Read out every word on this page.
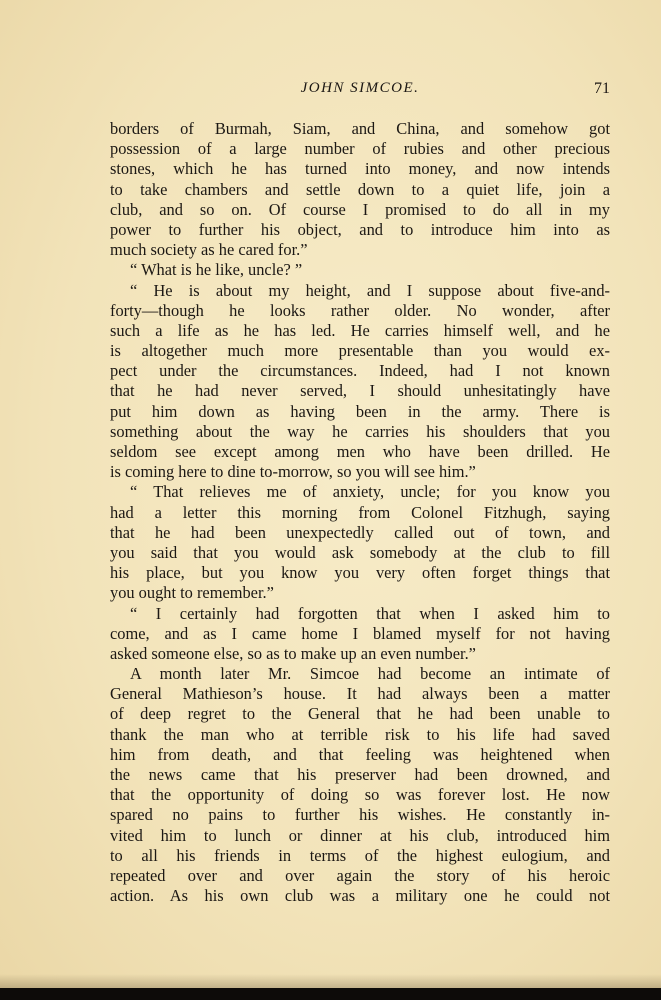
JOHN SIMCOE.	71
borders of Burmah, Siam, and China, and somehow got
possession of a large number of rubies and other precious
stones, which he has turned into money, and now intends
to take chambers and settle down to a quiet life, join a
club, and so on. Of course I promised to do all in my
power to further his object, and to introduce him into as
much society as he cared for.”
“ What is he like, uncle? ”
“ He is about my height, and I suppose about five-and-
forty—though he looks rather older. No wonder, after
such a life as he has led. He carries himself well, and he
is altogether much more presentable than you would ex-
pect under the circumstances. Indeed, had I not known
that he had never served, I should unhesitatingly have
put him down as having been in the army. There is
something about the way he carries his shoulders that you
seldom see except among men who have been drilled. He
is coming here to dine to-morrow, so you will see him.”
“ That relieves me of anxiety, uncle; for you know you
had a letter this morning from Colonel Fitzhugh, saying
that he had been unexpectedly called out of town, and
you said that you would ask somebody at the club to fill
his place, but you know you very often forget things that
you ought to remember.”
“ I certainly had forgotten that when I asked him to
come, and as I came home I blamed myself for not having
asked someone else, so as to make up an even number.”
A month later Mr. Simcoe had become an intimate of
General Mathieson’s house. It had always been a matter
of deep regret to the General that he had been unable to
thank the man who at terrible risk to his life had saved
him from death, and that feeling was heightened when
the news came that his preserver had been drowned, and
that the opportunity of doing so was forever lost. He now
spared no pains to further his wishes. He constantly in-
vited him to lunch or dinner at his club, introduced him
to all his friends in terms of the highest eulogium, and
repeated over and over again the story of his heroic
action. As his own club was a military one he could not
